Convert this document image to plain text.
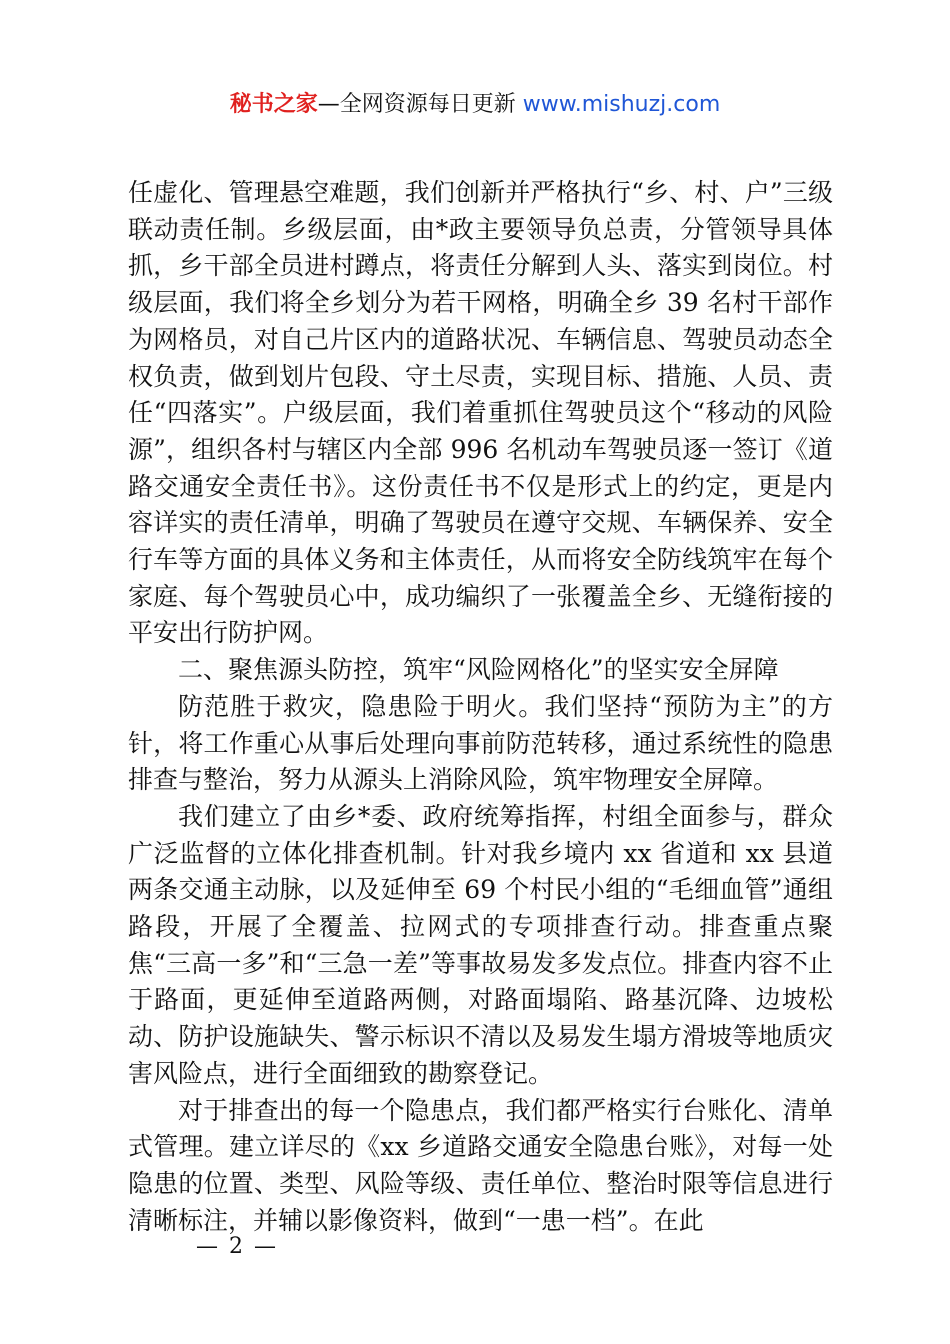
秘书之家—全网资源每日更新 www.mishuzj.com

任虚化、管理悬空难题，我们创新并严格执行“乡、村、户”三级联动责任制。乡级层面，由*政主要领导负总责，分管领导具体抓，乡干部全员进村蹲点，将责任分解到人头、落实到岗位。村级层面，我们将全乡划分为若干网格，明确全乡 39 名村干部作为网格员，对自己片区内的道路状况、车辆信息、驾驶员动态全权负责，做到划片包段、守土尽责，实现目标、措施、人员、责任“四落实”。户级层面，我们着重抓住驾驶员这个“移动的风险源”，组织各村与辖区内全部 996 名机动车驾驶员逐一签订《道路交通安全责任书》。这份责任书不仅是形式上的约定，更是内容详实的责任清单，明确了驾驶员在遵守交规、车辆保养、安全行车等方面的具体义务和主体责任，从而将安全防线筑牢在每个家庭、每个驾驶员心中，成功编织了一张覆盖全乡、无缝衔接的平安出行防护网。

二、聚焦源头防控，筑牢“风险网格化”的坚实安全屏障

防范胜于救灾，隐患险于明火。我们坚持“预防为主”的方针，将工作重心从事后处理向事前防范转移，通过系统性的隐患排查与整治，努力从源头上消除风险，筑牢物理安全屏障。

我们建立了由乡*委、政府统筹指挥，村组全面参与，群众广泛监督的立体化排查机制。针对我乡境内 xx 省道和 xx 县道两条交通主动脉，以及延伸至 69 个村民小组的“毛细血管”通组路段，开展了全覆盖、拉网式的专项排查行动。排查重点聚焦“三高一多”和“三急一差”等事故易发多发点位。排查内容不止于路面，更延伸至道路两侧，对路面塌陷、路基沉降、边坡松动、防护设施缺失、警示标识不清以及易发生塌方滑坡等地质灾害风险点，进行全面细致的勘察登记。

对于排查出的每一个隐患点，我们都严格实行台账化、清单式管理。建立详尽的《xx 乡道路交通安全隐患台账》，对每一处隐患的位置、类型、风险等级、责任单位、整治时限等信息进行清晰标注，并辅以影像资料，做到“一患一档”。在此

— 2 —
